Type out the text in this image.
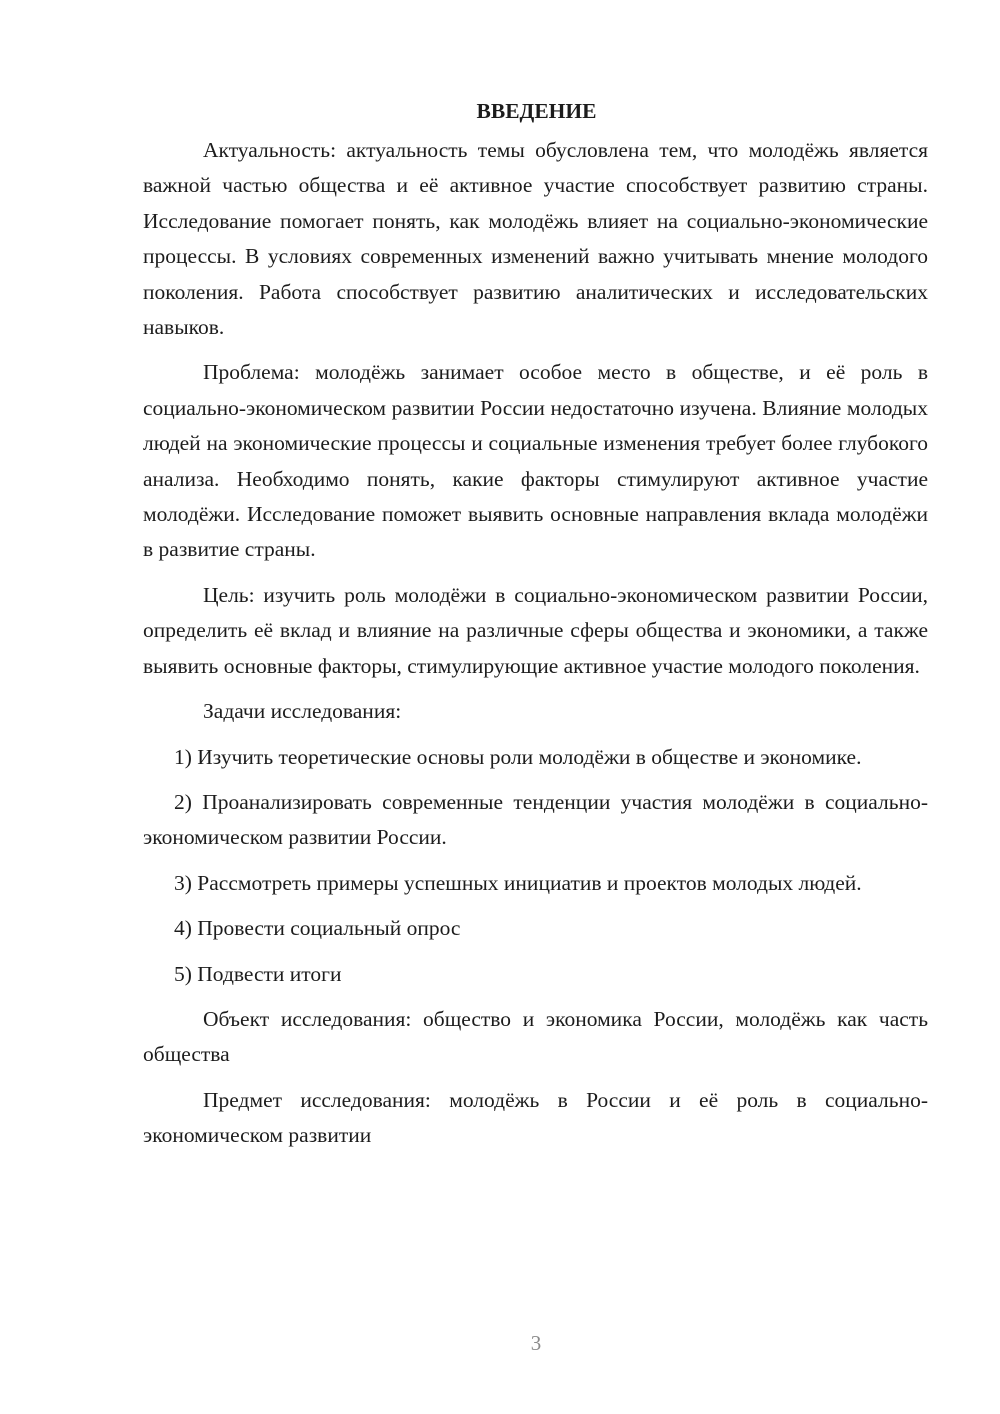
ВВЕДЕНИЕ

Актуальность: актуальность темы обусловлена тем, что молодёжь является важной частью общества и её активное участие способствует развитию страны. Исследование помогает понять, как молодёжь влияет на социально-экономические процессы. В условиях современных изменений важно учитывать мнение молодого поколения. Работа способствует развитию аналитических и исследовательских навыков.

Проблема: молодёжь занимает особое место в обществе, и её роль в социально-экономическом развитии России недостаточно изучена. Влияние молодых людей на экономические процессы и социальные изменения требует более глубокого анализа. Необходимо понять, какие факторы стимулируют активное участие молодёжи. Исследование поможет выявить основные направления вклада молодёжи в развитие страны.

Цель: изучить роль молодёжи в социально-экономическом развитии России, определить её вклад и влияние на различные сферы общества и экономики, а также выявить основные факторы, стимулирующие активное участие молодого поколения.

Задачи исследования:

1) Изучить теоретические основы роли молодёжи в обществе и экономике.

2) Проанализировать современные тенденции участия молодёжи в социально-экономическом развитии России.

3) Рассмотреть примеры успешных инициатив и проектов молодых людей.

4) Провести социальный опрос

5) Подвести итоги

Объект исследования: общество и экономика России, молодёжь как часть общества

Предмет исследования: молодёжь в России и её роль в социально-экономическом развитии

3
